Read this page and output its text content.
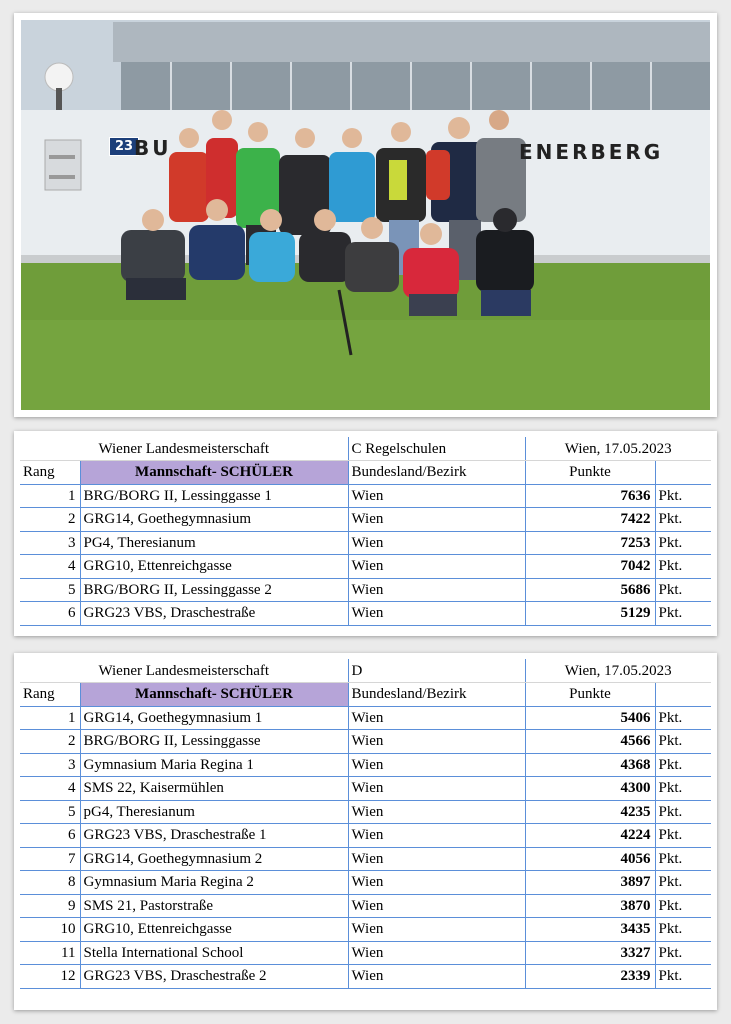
23 BU	ENERBERG
Wiener Landesmeisterschaft		C Regelschulen	Wien, 17.05.2023	
Rang	Mannschaft- SCHÜLER	Bundesland/Bezirk	Punkte	
1	BRG/BORG II, Lessinggasse 1	Wien	7636	Pkt.
2	GRG14, Goethegymnasium	Wien	7422	Pkt.
3	PG4, Theresianum	Wien	7253	Pkt.
4	GRG10, Ettenreichgasse	Wien	7042	Pkt.
5	BRG/BORG II, Lessinggasse 2	Wien	5686	Pkt.
6	GRG23 VBS, Draschestraße	Wien	5129	Pkt.
Wiener Landesmeisterschaft		D	Wien, 17.05.2023	
Rang	Mannschaft- SCHÜLER	Bundesland/Bezirk	Punkte	
1	GRG14, Goethegymnasium 1	Wien	5406	Pkt.
2	BRG/BORG II, Lessinggasse	Wien	4566	Pkt.
3	Gymnasium Maria Regina 1	Wien	4368	Pkt.
4	SMS 22, Kaisermühlen	Wien	4300	Pkt.
5	pG4, Theresianum	Wien	4235	Pkt.
6	GRG23 VBS, Draschestraße 1	Wien	4224	Pkt.
7	GRG14, Goethegymnasium 2	Wien	4056	Pkt.
8	Gymnasium Maria Regina 2	Wien	3897	Pkt.
9	SMS 21, Pastorstraße	Wien	3870	Pkt.
10	GRG10, Ettenreichgasse	Wien	3435	Pkt.
11	Stella International School	Wien	3327	Pkt.
12	GRG23 VBS, Draschestraße 2	Wien	2339	Pkt.
